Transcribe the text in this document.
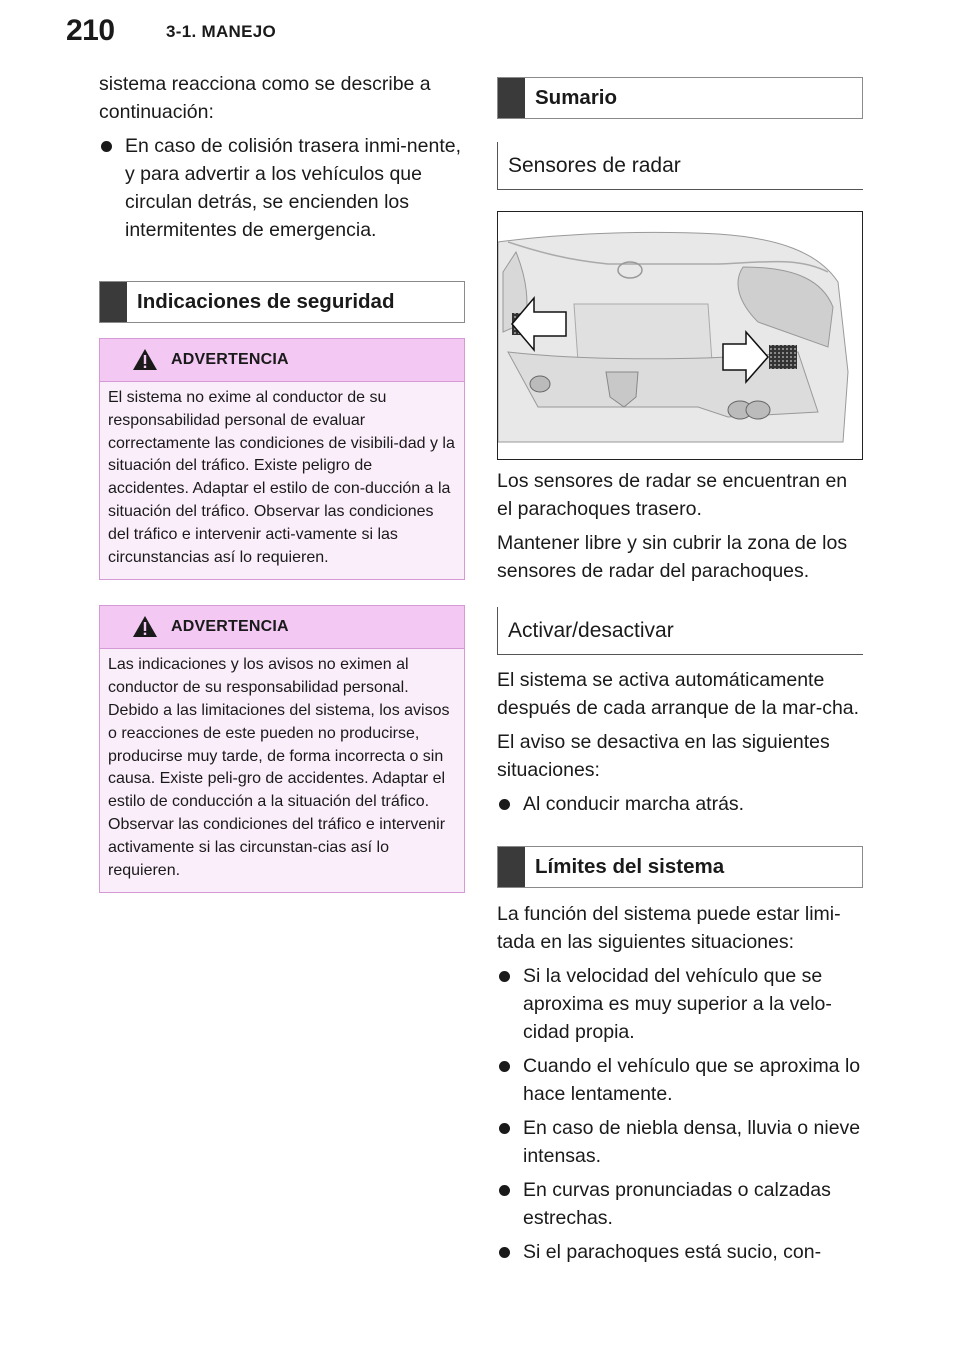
210	3-1. MANEJO

sistema reacciona como se describe a continuación:

En caso de colisión trasera inmi-nente, y para advertir a los vehículos que circulan detrás, se encienden los intermitentes de emergencia.
Indicaciones de seguridad
ADVERTENCIA
El sistema no exime al conductor de su responsabilidad personal de evaluar correctamente las condiciones de visibili-dad y la situación del tráfico. Existe peligro de accidentes. Adaptar el estilo de con-ducción a la situación del tráfico. Observar las condiciones del tráfico e intervenir acti-vamente si las circunstancias así lo requieren.
ADVERTENCIA
Las indicaciones y los avisos no eximen al conductor de su responsabilidad personal. Debido a las limitaciones del sistema, los avisos o reacciones de este pueden no producirse, producirse muy tarde, de forma incorrecta o sin causa. Existe peli-gro de accidentes. Adaptar el estilo de conducción a la situación del tráfico. Observar las condiciones del tráfico e intervenir activamente si las circunstan-cias así lo requieren.
Sumario
Sensores de radar

Los sensores de radar se encuentran en el parachoques trasero.

Mantener libre y sin cubrir la zona de los sensores de radar del parachoques.

Activar/desactivar

El sistema se activa automáticamente después de cada arranque de la mar-cha.

El aviso se desactiva en las siguientes situaciones:

Al conducir marcha atrás.
Límites del sistema

La función del sistema puede estar limi-tada en las siguientes situaciones:

Si la velocidad del vehículo que se aproxima es muy superior a la velo-cidad propia.
Cuando el vehículo que se aproxima lo hace lentamente.
En caso de niebla densa, lluvia o nieve intensas.
En curvas pronunciadas o calzadas estrechas.
Si el parachoques está sucio, con-
